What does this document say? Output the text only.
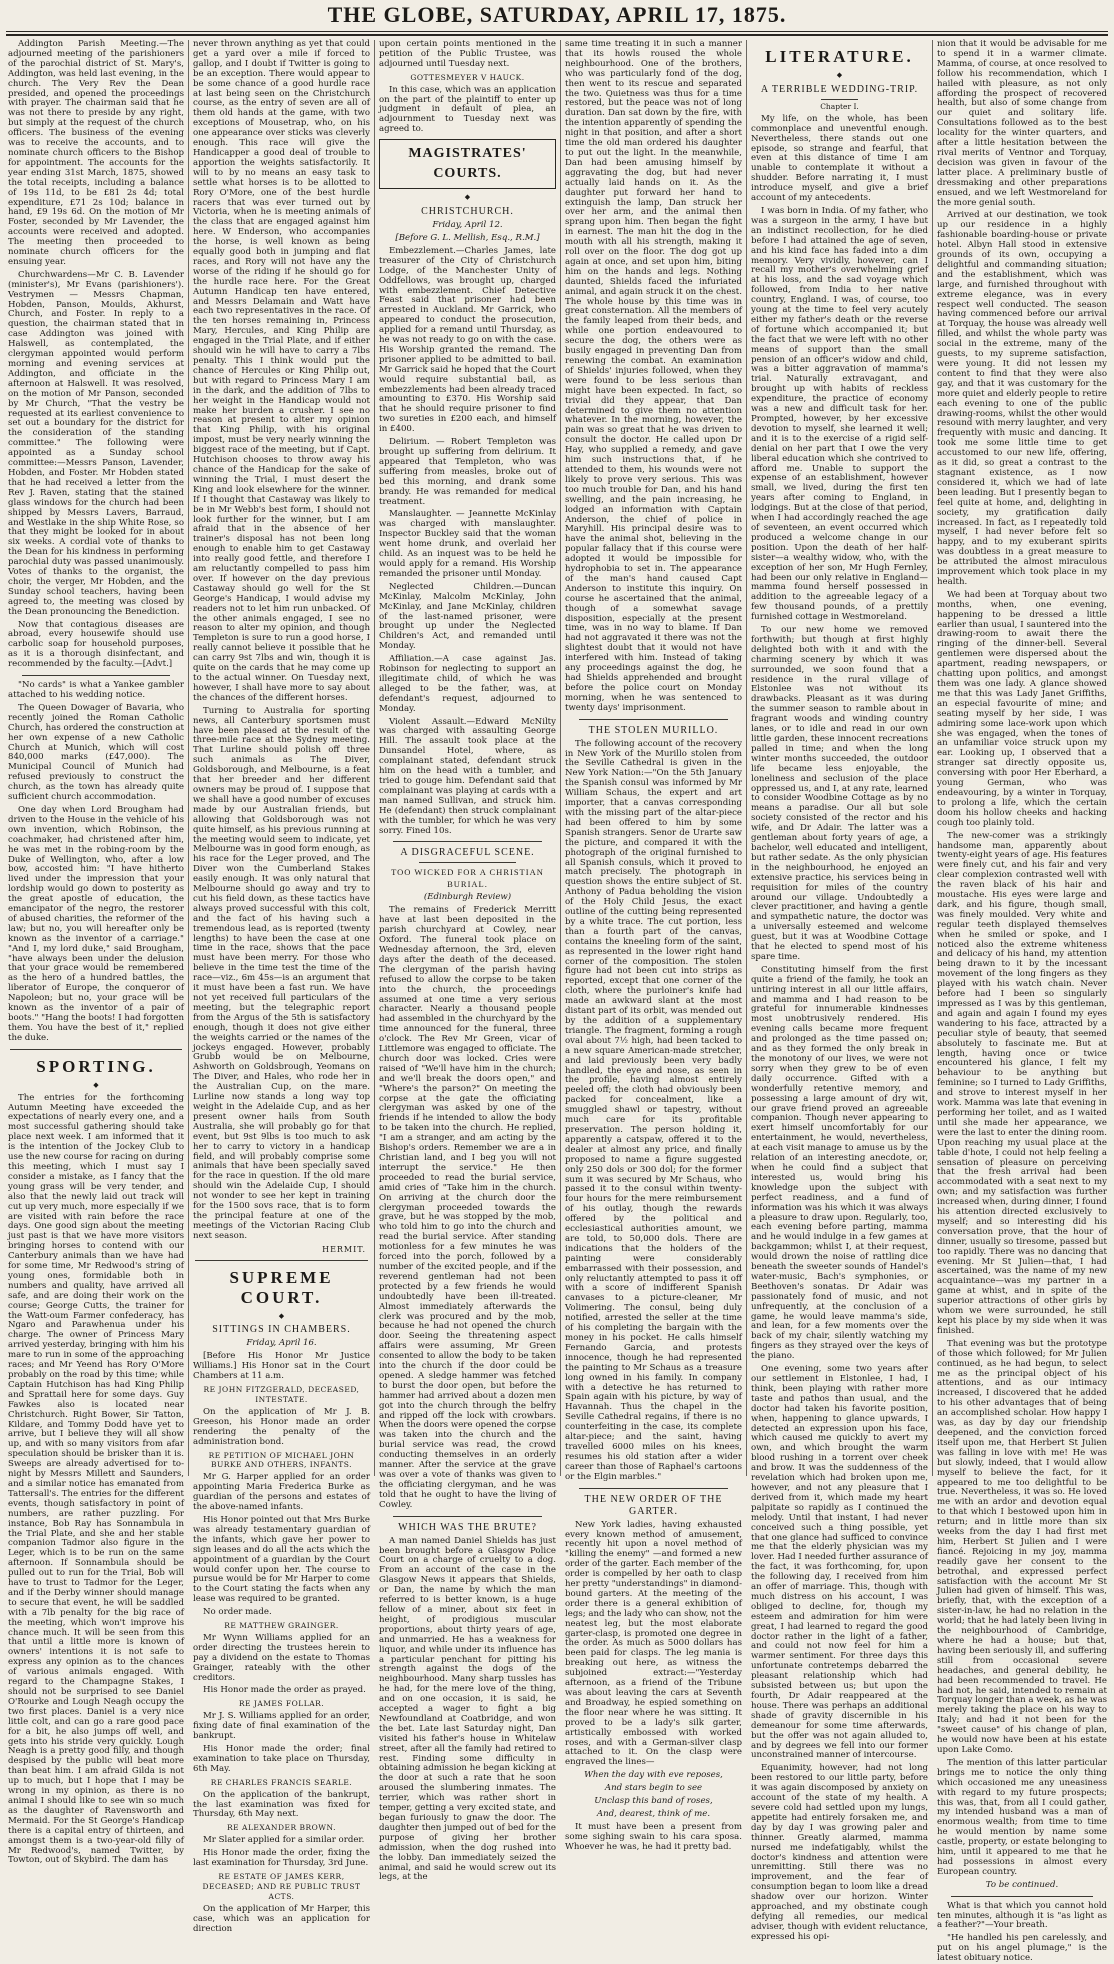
THE GLOBE, SATURDAY, APRIL 17, 1875.

Addington Parish Meeting.—The adjourned meeting of the parishioners of the parochial district of St. Mary's, Addington, was held last evening, in the church. The Very Rev the Dean presided, and opened the proceedings with prayer. The chairman said that he was not there to preside by any right, but simply at the request of the church officers. The business of the evening was to receive the accounts, and to nominate church officers to the Bishop for appointment. The accounts for the year ending 31st March, 1875, showed the total receipts, including a balance of 19s 11d, to be £81 2s 4d; total expenditure, £71 2s 10d; balance in hand, £9 19s 6d. On the motion of Mr Foster, seconded by Mr Lavender, the accounts were received and adopted. The meeting then proceeded to nominate church officers for the ensuing year.

Churchwardens—Mr C. B. Lavender (minister's), Mr Evans (parishioners'). Vestrymen — Messrs Chapman, Hobden, Panson, Moulds, Akhurst, Church, and Foster. In reply to a question, the chairman stated that in case Addington was joined with Halswell, as contemplated, the clergyman appointed would perform morning and evening services at Addington, and officiate in the afternoon at Halswell. It was resolved, on the motion of Mr Panson, seconded by Mr Church, "That the vestry be requested at its earliest convenience to set out a boundary for the district for the consideration of the standing committee." The following were appointed as a Sunday school committee:—Messrs Panson, Lavender, Hobden, and Foster. Mr Hobden stated that he had received a letter from the Rev J. Raven, stating that the stained glass windows for the church had been shipped by Messrs Lavers, Barraud, and Westlake in the ship White Rose, so that they might be looked for in about six weeks. A cordial vote of thanks to the Dean for his kindness in performing parochial duty was passed unanimously. Votes of thanks to the organist, the choir, the verger, Mr Hobden, and the Sunday school teachers, having been agreed to, the meeting was closed by the Dean pronouncing the Benediction.

Now that contagious diseases are abroad, every housewife should use carbolic soap for household purposes, as it is a thorough disinfectant, and recommended by the faculty.—[Advt.]

"No cards" is what a Yankee gambler attached to his wedding notice.

The Queen Dowager of Bavaria, who recently joined the Roman Catholic Church, has ordered the construction at her own expense of a new Catholic Church at Munich, which will cost 840,000 marks (£47,000). The Municipal Council of Munich had refused previously to construct the church, as the town has already quite sufficient church accommodation.

One day when Lord Brougham had driven to the House in the vehicle of his own invention, which Robinson, the coachmaker, had christened after him, he was met in the robing-room by the Duke of Wellington, who, after a low bow, accosted him: "I have hitherto lived under the impression that your lordship would go down to posterity as the great apostle of education, the emancipator of the negro, the restorer of abused charities, the reformer of the law; but no, you will hereafter only be known as the inventor of a carriage." "And I, my lord duke," said Brougham, "have always been under the delusion that your grace would be remembered as the hero of a hundred battles, the liberator of Europe, the conqueror of Napoleon; but no, your grace will be known as the inventor of a pair of boots." "Hang the boots! I had forgotten them. You have the best of it," replied the duke.

SPORTING.
◆

The entries for the forthcoming Autumn Meeting have exceeded the expectations of nearly every one, and a most successful gathering should take place next week. I am informed that it is the intention of the Jockey Club to use the new course for racing on during this meeting, which I must say I consider a mistake, as I fancy that the young grass will be very tender, and also that the newly laid out track will cut up very much, more especially if we are visited with rain before the race days. One good sign about the meeting just past is that we have more visitors bringing horses to contend with our Canterbury animals than we have had for some time, Mr Redwood's string of young ones, formidable both in numbers and quality, have arrived all safe, and are doing their work on the course; George Cutts, the trainer for the Watt-oum Farmer confederacy, has Ngaro and Parawhenua under his charge. The owner of Princess Mary arrived yesterday, bringing with him his mare to run in some of the approaching races; and Mr Yeend has Rory O'More probably on the road by this time; while Captain Hutchison has had King Philip and Sprattail here for some days. Guy Fawkes also is located near Christchurch. Right Bower, Sir Tatton, Kildare, and Tommy Dodd have yet to arrive, but I believe they will all show up, and with so many visitors from afar speculation should be brisker than it is. Sweeps are already advertised for to-night by Messrs Millett and Saunders, and a similar notice has emanated from Tattersall's. The entries for the different events, though satisfactory in point of numbers, are rather puzzling. For instance, Bob Ray has Sonnambula in the Trial Plate, and she and her stable companion Tadmor also figure in the Leger, which is to be run on the same afternoon. If Sonnambula should be pulled out to run for the Trial, Bob will have to trust to Tadmor for the Leger, and if the Derby winner should manage to secure that event, he will be saddled with a 7lb penalty for the big race of the meeting, which won't improve his chance much. It will be seen from this that until a little more is known of owners' intentions it is not safe to express any opinion as to the chances of various animals engaged. With regard to the Champagne Stakes, I should not be surprised to see Daniel O'Rourke and Lough Neagh occupy the two first places. Daniel is a very nice little colt, and can go a rare good pace for a bit, he also jumps off well, and gets into his stride very quickly. Lough Neagh is a pretty good filly, and though despised by the public will beat more than beat him. I am afraid Gilda is not up to much, but I hope that I may be wrong in my opinion, as there is no animal I should like to see win so much as the daughter of Ravensworth and Mermaid. For the St George's Handicap there is a capital entry of thirteen, and amongst them is a two-year-old filly of Mr Redwood's, named Twitter, by Towton, out of Skybird. The dam has

never thrown anything as yet that could get a yard over a mile if forced to gallop, and I doubt if Twitter is going to be an exception. There would appear to be some chance of a good hurdle race at last being seen on the Christchurch course, as the entry of seven are all of them old hands at the game, with two exceptions of Mousetrap, who, on his one appearance over sticks was cleverly enough. This race will give the Handicapper a good deal of trouble to apportion the weights satisfactorily. It will to by no means an easy task to settle what horses is to be allotted to Rory O'More, one of the best hurdle racers that was ever turned out by Victoria, when he is meeting animals of the class that are engaged against him here. W Enderson, who accompanies the horse, is well known as being equally good both in jumping and flat races, and Rory will not have any the worse of the riding if he should go for the hurdle race here. For the Great Autumn Handicap ten have entered, and Messrs Delamain and Watt have each two representatives in the race. Of the ten horses remaining in, Princess Mary, Hercules, and King Philip are engaged in the Trial Plate, and if either should win he will have to carry a 7lbs penalty. This I think would put the chance of Hercules or King Philip out, but with regard to Princess Mary I am in the dark, and the addition of 7lbs to her weight in the Handicap would not make her burden a crusher. I see no reason at present to alter my opinion that King Philip, with his original impost, must be very nearly winning the biggest race of the meeting, but if Capt. Hutchison chooses to throw away his chance of the Handicap for the sake of winning the Trial, I must desert the King and look elsewhere for the winner. If I thought that Castaway was likely to be in Mr Webb's best form, I should not look further for the winner, but I am afraid that in the absence of her trainer's disposal has not been long enough to enable him to get Castaway into really good fettle, and therefore I am reluctantly compelled to pass him over. If however on the day previous Castaway should go well for the St George's Handicap, I would advise my readers not to let him run unbacked. Of the other animals engaged, I see no reason to alter my opinion, and though Templeton is sure to run a good horse, I really cannot believe it possible that he can carry 9st 7lbs and win, though it is quite on the cards that he may come up to the actual winner. On Tuesday next, however, I shall have more to say about the chances of the different horses.

Turning to Australia for sporting news, all Canterbury sportsmen must have been pleased at the result of the three-mile race at the Sydney meeting. That Lurline should polish off three such animals as The Diver, Goldsborough, and Melbourne, is a feat that her breeder and her different owners may be proud of. I suppose that we shall have a good number of excuses made by our Australian friends, but allowing that Goldsborough was not quite himself, as his previous running at the meeting would seem to indicate, yet Melbourne was in good form enough, as his race for the Leger proved, and The Diver won the Cumberland Stakes easily enough. It was only natural that Melbourne should go away and try to cut his field down, as these tactics have always proved successful with this colt, and the fact of his having such a tremendous lead, as is reported (twenty lengths) to have been the case at one time in the race, shows that the pace must have been merry. For those who believe in the time test the time of the race—viz., 6m 45s—is an argument that it must have been a fast run. We have not yet received full particulars of the meeting, but the telegraphic report from the Argus of the 5th is satisfactory enough, though it does not give either the weights carried or the names of the jockeys engaged. However, probably Grubb would be on Melbourne, Ashworth on Goldsbrough, Yeomans on The Diver, and Hales, who rode her in the Australian Cup, on the mare. Lurline now stands a long way top weight in the Adelaide Cup, and as her present owner hails from South Australia, she will probably go for that event, but 9st 9lbs is too much to ask her to carry to victory in a handicap field, and will probably comprise some animals that have been specially saved for the race in question. If the old mare should win the Adelaide Cup, I should not wonder to see her kept in training for the 1500 sovs race, that is to form the principal feature at one of the meetings of the Victorian Racing Club next season.

HERMIT.
SUPREME COURT.
◆
SITTINGS IN CHAMBERS.

Friday, April 16.

[Before His Honor Mr Justice Williams.] His Honor sat in the Court Chambers at 11 a.m.

RE JOHN FITZGERALD, DECEASED, INTESTATE.

On the application of Mr J. B. Greeson, his Honor made an order rendering the penalty of the administration bond.

RE PETITION OF MICHAEL JOHN BURKE AND OTHERS, INFANTS.

Mr G. Harper applied for an order appointing Maria Frederica Burke as guardian of the persons and estates of the above-named infants.

His Honor pointed out that Mrs Burke was already testamentary guardian of the infants, which gave her power to sign leases and do all the acts which the appointment of a guardian by the Court would confer upon her. The course to pursue would be for Mr Harper to come to the Court stating the facts when any lease was required to be granted.

No order made.

RE MATTHEW GRAINGER.

Mr Wynn Williams applied for an order directing the trustees herein to pay a dividend on the estate to Thomas Grainger, rateably with the other creditors.

His Honor made the order as prayed.

RE JAMES FOLLAR.

Mr J. S. Williams applied for an order, fixing date of final examination of the bankrupt.

His Honor made the order; final examination to take place on Thursday, 6th May.

RE CHARLES FRANCIS SEARLE.

On the application of the bankrupt, the last examination was fixed for Thursday, 6th May next.

RE ALEXANDER BROWN.

Mr Slater applied for a similar order.

His Honor made the order, fixing the last examination for Thursday, 3rd June.

RE ESTATE OF JAMES KERR, DECEASED; AND RE PUBLIC TRUST ACTS.

On the application of Mr Harper, this case, which was an application for direction

upon certain points mentioned in the petition of the Public Trustee, was adjourned until Tuesday next.

GOTTESMEYER V HAUCK.

In this case, which was an application on the part of the plaintiff to enter up judgment in default of plea, an adjournment to Tuesday next was agreed to.

MAGISTRATES' COURTS.
◆
CHRISTCHURCH.

Friday, April 12.

[Before G. L. Mellish, Esq., R.M.]

Embezzlement.—Charles James, late treasurer of the City of Christchurch Lodge, of the Manchester Unity of Oddfellows, was brought up, charged with embezzlement. Chief Detective Feast said that prisoner had been arrested in Auckland. Mr Garrick, who appeared to conduct the prosecution, applied for a remand until Thursday, as he was not ready to go on with the case. His Worship granted the remand. The prisoner applied to be admitted to bail. Mr Garrick said he hoped that the Court would require substantial bail, as embezzlements had been already traced amounting to £370. His Worship said that he should require prisoner to find two sureties in £200 each, and himself in £400.

Delirium. — Robert Templeton was brought up suffering from delirium. It appeared that Templeton, who was suffering from measles, broke out of bed this morning, and drank some brandy. He was remanded for medical treatment.

Manslaughter. — Jeannette McKinlay was charged with manslaughter. Inspector Buckley said that the woman went home drunk, and overlaid her child. As an inquest was to be held he would apply for a remand. His Worship remanded the prisoner until Monday.

Neglected Children.—Duncan McKinlay, Malcolm McKinlay, John McKinlay, and Jane McKinlay, children of the last-named prisoner, were brought up under the Neglected Children's Act, and remanded until Monday.

Affiliation.—A case against Jas. Robinson for neglecting to support an illegitimate child, of which he was alleged to be the father, was, at defendant's request, adjourned to Monday.

Violent Assault.—Edward McNilty was charged with assaulting George Hill. The assault took place at the Dunsandel Hotel, where, as complainant stated, defendant struck him on the head with a tumbler, and tried to gouge him. Defendant said that complainant was playing at cards with a man named Sullivan, and struck him. He (defendant) then struck complainant with the tumbler, for which he was very sorry. Fined 10s.

A DISGRACEFUL SCENE.
TOO WICKED FOR A CHRISTIAN BURIAL.

(Edinburgh Review)

The remains of Frederick Merritt have at last been deposited in the parish churchyard at Cowley, near Oxford. The funeral took place on Wednesday afternoon, the 3rd, eleven days after the death of the deceased. The clergyman of the parish having refused to allow the corpse to be taken into the church, the proceedings assumed at one time a very serious character. Nearly a thousand people had assembled in the churchyard by the time announced for the funeral, three o'clock. The Rev Mr Green, vicar of Littlemore was engaged to officiate. The church door was locked. Cries were raised of "We'll have him in the church; and we'll break the doors open," and "Where's the parson?" On meeting the corpse at the gate the officiating clergyman was asked by one of the friends if he intended to allow the body to be taken into the church. He replied, "I am a stranger, and am acting by the Bishop's orders. Remember we are a in Christian land, and I beg you will not interrupt the service." He then proceeded to read the burial service, amid cries of "Take him in the church. On arriving at the church door the clergyman proceeded towards the grave, but he was stopped by the mob, who told him to go into the church and read the burial service. After standing motionless for a few minutes he was forced into the porch, followed by a number of the excited people, and if the reverend gentleman had not been protected by a few friends he would undoubtedly have been ill-treated. Almost immediately afterwards the clerk was procured and by the mob, because he had not opened the church door. Seeing the threatening aspect affairs were assuming, Mr Green consented to allow the body to be taken into the church if the door could be opened. A sledge hammer was fetched to burst the door open, but before the hammer had arrived about a dozen men got into the church through the belfry and ripped off the lock with crowbars. When the doors were opened the corpse was taken into the church and the burial service was read, the crowd conducting themselves in an orderly manner. After the service at the grave was over a vote of thanks was given to the officiating clergyman, and he was told that he ought to have the living of Cowley.

WHICH WAS THE BRUTE?

A man named Daniel Shields has just been brought before a Glasgow Police Court on a charge of cruelty to a dog. From an account of the case in the Glasgow News it appears that Shields, or Dan, the name by which the man referred to is better known, is a huge fellow of a miner, about six feet in height, of prodigious muscular proportions, about thirty years of age, and unmarried. He has a weakness for liquor, and while under its influence has a particular penchant for pitting his strength against the dogs of the neighbourhood. Many sharp tussles has he had, for the mere love of the thing, and on one occasion, it is said, he accepted a wager to fight a big Newfoundland at Coatbridge, and won the bet. Late last Saturday night, Dan visited his father's house in Whitelaw street, after all the family had retired to rest. Finding some difficulty in obtaining admission he began kicking at the door at such a rate that he soon aroused the slumbering inmates. The terrier, which was rather short in temper, getting a very excited state, and began furiously to gnaw the door. The daughter then jumped out of bed for the purpose of giving her brother admission, when the dog rushed into the lobby. Dan immediately seized the animal, and said he would screw out its legs, at the

same time treating it in such a manner that its howls roused the whole neighbourhood. One of the brothers, who was particularly fond of the dog, then went to its rescue and separated the two. Quietness was thus for a time restored, but the peace was not of long duration. Dan sat down by the fire, with the intention apparently of spending the night in that position, and after a short time the old man ordered his daughter to put out the light. In the meanwhile, Dan had been amusing himself by aggravating the dog, but had never actually laid hands on it. As the daughter put forward her hand to extinguish the lamp, Dan struck her over her arm, and the animal then sprang upon him. Then began the fight in earnest. The man hit the dog in the mouth with all his strength, making it roll over on the floor. The dog got up again at once, and set upon him, biting him on the hands and legs. Nothing daunted, Shields faced the infuriated animal, and again struck it on the chest. The whole house by this time was in great consternation. All the members of the family leaped from their beds, and while one portion endeavoured to secure the dog, the others were as busily engaged in preventing Dan from renewing the combat. An examination of Shields' injuries followed, when they were found to be less serious than might have been expected. In fact, so trivial did they appear, that Dan determined to give them no attention whatever. In the morning, however, the pain was so great that he was driven to consult the doctor. He called upon Dr Hay, who supplied a remedy, and gave him such instructions that, if he attended to them, his wounds were not likely to prove very serious. This was too much trouble for Dan, and his hand swelling, and the pain increasing, he lodged an information with Captain Anderson, the chief of police in Maryhill. His principal desire was to have the animal shot, believing in the popular fallacy that if this course were adopted it would be impossible for hydrophobia to set in. The appearance of the man's hand caused Capt Anderson to institute this inquiry. On course he ascertained that the animal, though of a somewhat savage disposition, especially at the present time, was in no way to blame. If Dan had not aggravated it there was not the slightest doubt that it would not have interfered with him. Instead of taking any proceedings against the dog, he had Shields apprehended and brought before the police court on Monday morning, when he was sentenced to twenty days' imprisonment.

THE STOLEN MURILLO.

The following account of the recovery in New York of the Murillo stolen from the Seville Cathedral is given in the New York Nation:—"On the 5th January the Spanish consul was informed by Mr William Schaus, the expert and art importer, that a canvas corresponding with the missing part of the altar-piece had been offered to him by some Spanish strangers. Senor de Urarte saw the picture, and compared it with the photograph of the original furnished to all Spanish consuls, which it proved to match precisely. The photograph in question shows the entire subject of St. Anthony of Padua beholding the vision of the Holy Child Jesus, the exact outline of the cutting being represented by a white trace. The cut portion, less than a fourth part of the canvas, contains the kneeling form of the saint, as represented in the lower right hand corner of the composition. The stolen figure had not been cut into strips as reported, except that one corner of the cloth, where the purloiner's knife had made an awkward slant at the most distant part of its orbit, was mended out by the addition of a supplementary triangle. The fragment, forming a rough oval about 7½ high, had been tacked to a new square American-made stretcher, and laid previously been very badly handled, the eye and nose, as seen in the profile, having almost entirely peeled off; the cloth had obviously been packed for concealment, like a smuggled shawl or tapestry, without much care for its profitable preservation. The person holding it, apparently a catspaw, offered it to the dealer at almost any price, and finally proposed to name a figure suggested only 250 dols or 300 dol; for the former sum it was secured by Mr Schaus, who passed it to the consul within twenty-four hours for the mere reimbursement of his outlay, though the rewards offered by the political and ecclesiastical authorities amount, we are told, to 50,000 dols. There are indications that the holders of the painting were considerably embarrassed with their possession, and only reluctantly attempted to pass it off with a score of indifferent Spanish canvases to a picture-cleaner, Mr Volimering. The consul, being duly notified, arrested the seller at the time of his completing the bargain with the money in his pocket. He calls himself Fernando Garcia, and protests innocence, though he had represented the painting to Mr Schaus as a treasure long owned in his family. In company with a detective he has returned to Spain again with his picture, by way of Havannah. Thus the chapel in the Seville Cathedral regains, if there is no counterfeiting in the case, its complete altar-piece; and the saint, having travelled 6000 miles on his knees, resumes his old station after a wider career than those of Raphael's cartoons or the Elgin marbles."

THE NEW ORDER OF THE GARTER.

New York ladies, having exhausted every known method of amusement, recently hit upon a novel method of "killing the enemy" —and formed a new order of the garter. Each member of the order is compelled by her oath to clasp her pretty "understandings" in diamond-bound garters. At the meeting of the order there is a general exhibition of legs; and the lady who can show, not the neatest leg, but the most elaborate garter-clasp, is promoted one degree in the order. As much as 5000 dollars has been paid for clasps. The leg mania is breaking out here, as witness the subjoined extract:—"Yesterday afternoon, as a friend of the Tribune was about leaving the cars at Seventh and Broadway, he espied something on the floor near where he was sitting. It proved to be a lady's silk garter, artistically embossed with worked roses, and with a German-silver clasp attached to it. On the clasp were engraved the lines—

When the day with eve reposes,

And stars begin to see

Unclasp this band of roses,

And, dearest, think of me.

It must have been a present from some sighing swain to his cara sposa. Whoever he was, he had it pretty bad.

LITERATURE.
◆
A TERRIBLE WEDDING-TRIP.

Chapter I.

My life, on the whole, has been commonplace and uneventful enough. Nevertheless, there stands out one episode, so strange and fearful, that even at this distance of time I am unable to contemplate it without a shudder. Before narrating it, I must introduce myself, and give a brief account of my antecedents.

I was born in India. Of my father, who was a surgeon in the army, I have but an indistinct recollection, for he died before I had attained the age of seven, and his kind face has faded into a dim memory. Very vividly, however, can I recall my mother's overwhelming grief at his loss, and the sad voyage which followed, from India to her native country, England. I was, of course, too young at the time to feel very acutely either my father's death or the reverse of fortune which accompanied it; but the fact that we were left with no other means of support than the small pension of an officer's widow and child, was a bitter aggravation of mamma's trial. Naturally extravagant, and brought up with habits of reckless expenditure, the practice of economy was a new and difficult task for her. Prompted, however, by her excessive devotion to myself, she learned it well; and it is to the exercise of a rigid self-denial on her part that I owe the very liberal education which she contrived to afford me. Unable to support the expense of an establishment, however small, we lived, during the first ten years after coming to England, in lodgings. But at the close of that period, when I had accordingly reached the age of seventeen, an event occurred which produced a welcome change in our position. Upon the death of her half-sister—a wealthy widow, who, with the exception of her son, Mr Hugh Fernley, had been our only relative in England—mamma found herself possessed in addition to the agreeable legacy of a few thousand pounds, of a prettily furnished cottage in Westmoreland.

To our new home we removed forthwith; but though at first highly delighted both with it and with the charming scenery by which it was surrounded, we soon found that a residence in the rural village of Elstonlee was not without its drawbacks. Pleasant as it was during the summer season to ramble about in fragrant woods and winding country lanes, or to idle and read in our own little garden, these innocent recreations palled in time; and when the long winter months succeeded, the outdoor life became less enjoyable, the loneliness and seclusion of the place oppressed us, and I, at any rate, learned to consider Woodbine Cottage as by no means a paradise. Our all but sole society consisted of the rector and his wife, and Dr Adair. The latter was a gentleman about forty years of age, a bachelor, well educated and intelligent, but rather sedate. As the only physician in the neighbourhood, he enjoyed an extensive practice, his services being in requisition for miles of the country around our village. Undoubtedly a clever practitioner, and having a gentle and sympathetic nature, the doctor was a universally esteemed and welcome guest, but it was at Woodbine Cottage that he elected to spend most of his spare time.

Constituting himself from the first quite a friend of the family, he took an untiring interest in all our little affairs, and mamma and I had reason to be grateful for innumerable kindnesses most unobtrusively rendered. His evening calls became more frequent and prolonged as the time passed on; and as they formed the only break in the monotony of our lives, we were not sorry when they grew to be of even daily occurrence. Gifted with a wonderfully retentive memory, and possessing a large amount of dry wit, our grave friend proved an agreeable companion. Though never appearing to exert himself uncomfortably for our entertainment, he would, nevertheless, at each visit manage to amuse us by the relation of an interesting anecdote, or, when he could find a subject that interested us, would bring his knowledge upon the subject with perfect readiness, and a fund of information was his which it was always a pleasure to draw upon. Regularly, too, each evening before parting, mamma and he would indulge in a few games at backgammon; whilst I, at their request, would drown the noise of rattling dice beneath the sweeter sounds of Handel's water-music, Bach's symphonies, or Beethoven's sonatas. Dr Adair was passionately fond of music, and not unfrequently, at the conclusion of a game, he would leave mamma's side, and lean, for a few moments over the back of my chair, silently watching my fingers as they strayed over the keys of the piano.

One evening, some two years after our settlement in Elstonlee, I had, I think, been playing with rather more taste and pathos than usual, and the doctor had taken his favorite position, when, happening to glance upwards, I detected an expression upon his face, which caused me quickly to avert my own, and which brought the warm blood rushing in a torrent over cheek and brow. It was the suddenness of the revelation which had broken upon me, however, and not any pleasure that I derived from it, which made my heart palpitate so rapidly as I continued the melody. Until that instant, I had never conceived such a thing possible, yet that one glance had sufficed to convince me that the elderly physician was my lover. Had I needed further assurance of the fact, it was forthcoming, for, upon the following day, I received from him an offer of marriage. This, though with much distress on his account, I was obliged to decline, for, though my esteem and admiration for him were great, I had learned to regard the good doctor rather in the light of a father, and could not now feel for him a warmer sentiment. For three days this unfortunate contretemps debarred the pleasant relationship which had subsisted between us; but upon the fourth, Dr Adair reappeared at the house. There was perhaps an additional shade of gravity discernible in his demeanour for some time afterwards, but the offer was not again alluded to, and by degrees we fell into our former unconstrained manner of intercourse.

Equanimity, however, had not long been restored to our little party, before it was again discomposed by anxiety on account of the state of my health. A severe cold had settled upon my lungs, appetite had entirely forsaken me, and day by day I was growing paler and thinner. Greatly alarmed, mamma nursed me indefatigably, whilst the doctor's kindness and attention were unremitting. Still there was no improvement, and the fear of consumption began to loom like a dread shadow over our horizon. Winter approached, and my obstinate cough defying all remedies, our medical adviser, though with evident reluctance, expressed his opi-

nion that it would be advisable for me to spend it in a warmer climate. Mamma, of course, at once resolved to follow his recommendation, which I hailed with pleasure, as not only affording the prospect of recovered health, but also of some change from our quiet and solitary life. Consultations followed as to the best locality for the winter quarters, and after a little hesitation between the rival merits of Ventnor and Torquay, decision was given in favour of the latter place. A preliminary bustle of dressmaking and other preparations ensued, and we left Westmoreland for the more genial south.

Arrived at our destination, we took up our residence in a highly fashionable boarding-house or private hotel. Albyn Hall stood in extensive grounds of its own, occupying a delightful and commanding situation; and the establishment, which was large, and furnished throughout with extreme elegance, was in every respect well conducted. The season having commenced before our arrival at Torquay, the house was already well filled, and whilst the whole party was social in the extreme, many of the guests, to my supreme satisfaction, were young. It did not lessen my content to find that they were also gay, and that it was customary for the more quiet and elderly people to retire each evening to one of the public drawing-rooms, whilst the other would resound with merry laughter, and very frequently with music and dancing. It took me some little time to get accustomed to our new life, offering, as it did, so great a contrast to the stagnant existence, as I now considered it, which we had of late been leading. But I presently began to feel quite at home, and, delighting in society, my gratification daily increased. In fact, as I repeatedly told myself, I had never before felt so happy, and to my exuberant spirits was doubtless in a great measure to be attributed the almost miraculous improvement which took place in my health.

We had been at Torquay about two months, when, one evening, happening to be dressed a little earlier than usual, I sauntered into the drawing-room to await there the ringing of the dinner-bell. Several gentlemen were dispersed about the apartment, reading newspapers, or chatting upon politics, and amongst them was one lady. A glance showed me that this was Lady Janet Griffiths, an especial favourite of mine; and seating myself by her side, I was admiring some lace-work upon which she was engaged, when the tones of an unfamiliar voice struck upon my ear. Looking up, I observed that a stranger sat directly opposite us, conversing with poor Her Eberhard, a young German, who was endeavouring, by a winter in Torquay, to prolong a life, which the certain doom his hollow cheeks and hacking cough too plainly told.

The new-comer was a strikingly handsome man, apparently about twenty-eight years of age. His features were finely cut, and his fair and very clear complexion contrasted well with the raven black of his hair and moustache. His eyes were large and dark, and his figure, though small, was finely moulded. Very white and regular teeth displayed themselves when he smiled or spoke, and I noticed also the extreme whiteness and delicacy of his hand, my attention being drawn to it by the incessant movement of the long fingers as they played with his watch chain. Never before had I been so singularly impressed as I was by this gentleman, and again and again I found my eyes wandering to his face, attracted by a peculiar style of beauty, that seemed absolutely to fascinate me. But at length, having once or twice encountered his glance, I felt my behaviour to be anything but feminine; so I turned to Lady Griffiths, and strove to interest myself in her work. Mamma was late that evening in performing her toilet, and as I waited until she made her appearance, we were the last to enter the dining room. Upon reaching my usual place at the table d'hote, I could not help feeling a sensation of pleasure on perceiving that the fresh arrival had been accommodated with a seat next to my own; and my satisfaction was further increased when, during dinner, I found his attention directed exclusively to myself; and so interesting did his conversation prove, that the hour of dinner, usually so tiresome, passed but too rapidly. There was no dancing that evening. Mr St Julien—that, I had ascertained, was the name of my new acquaintance—was my partner in a game at whist, and in spite of the superior attractions of other girls by whom we were surrounded, he still kept his place by my side when it was finished.

That evening was but the prototype of those which followed; for Mr Julien continued, as he had begun, to select me as the principal object of his attentions, and as our intimacy increased, I discovered that he added to his other advantages that of being an accomplished scholar. How happy I was, as day by day our friendship deepened, and the conviction forced itself upon me, that Herbert St Julien was falling in love with me! He was but slowly, indeed, that I would allow myself to believe the fact, for it appeared to me too delightful to be true. Nevertheless, it was so. He loved me with an ardor and devotion equal to that which I bestowed upon him in return; and in little more than six weeks from the day I had first met him, Herbert St Julien and I were fiancé. Rejoicing in my joy, mamma readily gave her consent to the betrothal, and expressed perfect satisfaction with the account Mr St Julien had given of himself. This was, briefly, that, with the exception of a sister-in-law, he had no relation in the world; that he had lately been living in the neighbourhood of Cambridge, where he had a house; but that, having been seriously ill, and suffering still from occasional severe headaches, and general debility, he had been recommended to travel. He had not, he said, intended to remain at Torquay longer than a week, as he was merely taking the place on his way to Italy; and had it not been for the "sweet cause" of his change of plan, he would now have been at his estate upon Lake Como.

The mention of this latter particular brings me to notice the only thing which occasioned me any uneasiness with regard to my future prospects; this was, that, from all I could gather, my intended husband was a man of enormous wealth; from time to time he would mention by name some castle, property, or estate belonging to him, until it appeared to me that he had possessions in almost every European country.

To be continued.

What is that which you cannot hold ten minutes, although it is "as light as a feather?"—Your breath.

"He handled his pen carelessly, and put on his angel plumage," is the latest obituary notice.
